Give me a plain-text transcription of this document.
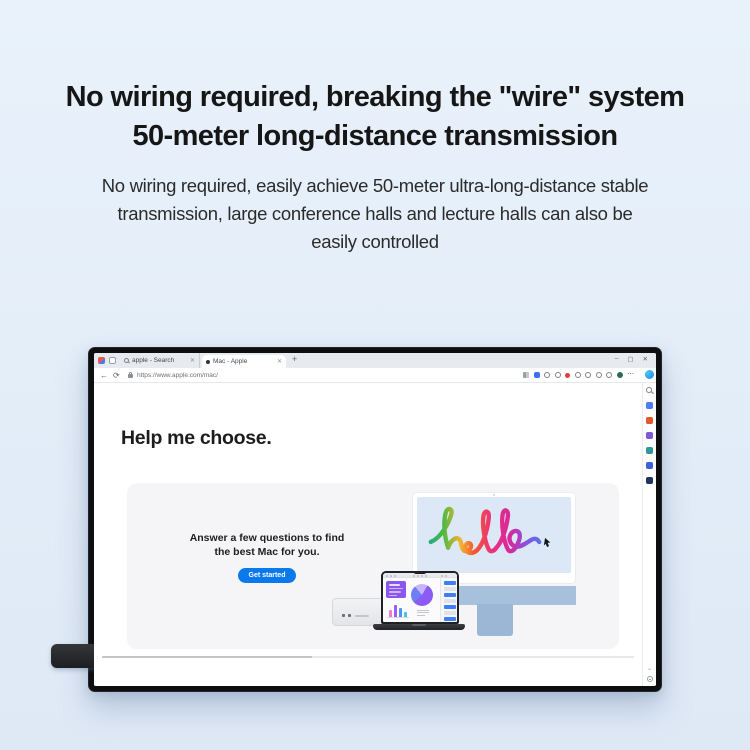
No wiring required, breaking the "wire" system
50-meter long-distance transmission
No wiring required, easily achieve 50-meter ultra-long-distance stable
transmission, large conference halls and lecture halls can also be
easily controlled
apple - Search	✕	Mac - Apple	✕ +	– ▢ ✕
← ⟳	https://www.apple.com/mac/	⋯
⌄
Help me choose.
Answer a few questions to find
the best Mac for you.
Get started
